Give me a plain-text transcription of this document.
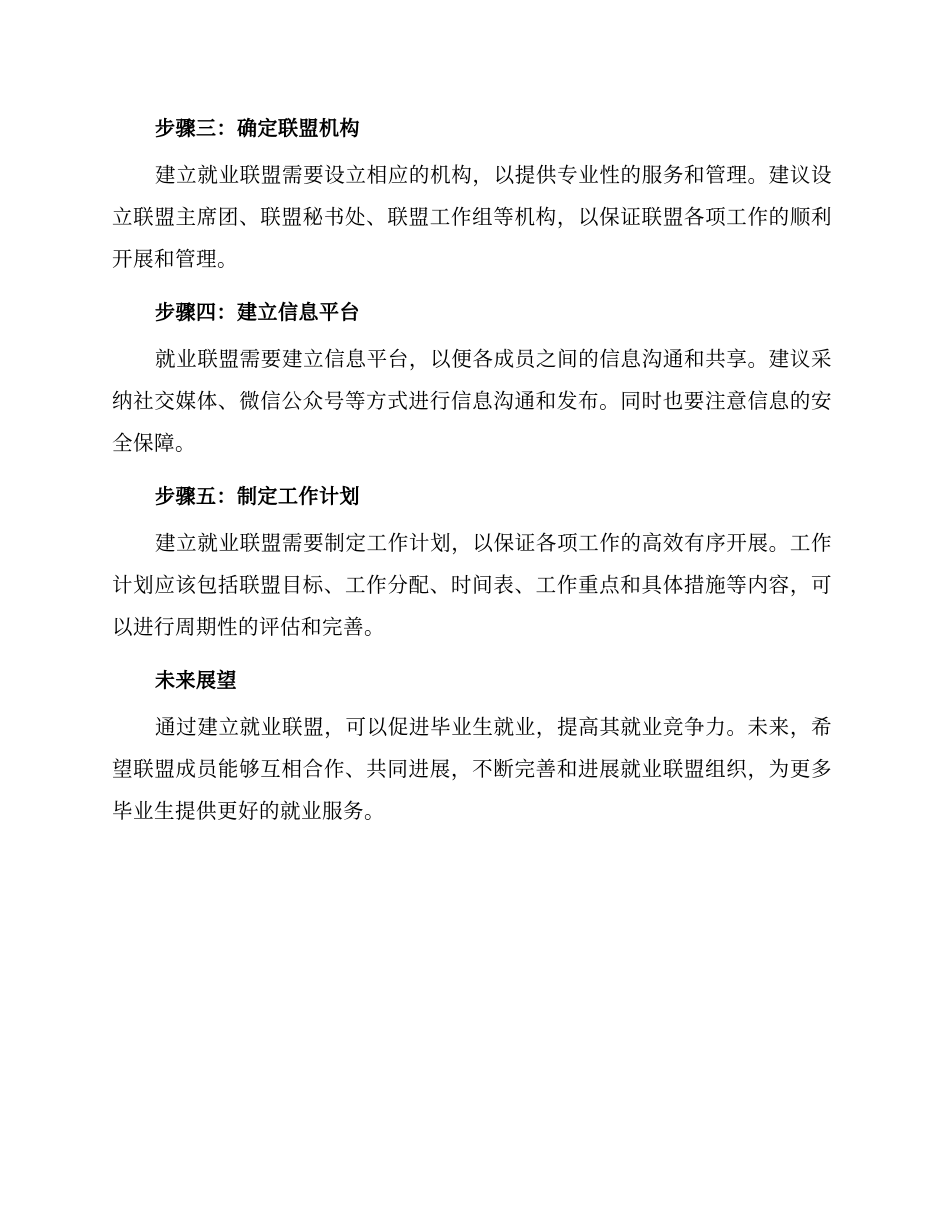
步骤三：确定联盟机构

建立就业联盟需要设立相应的机构，以提供专业性的服务和管理。建议设立联盟主席团、联盟秘书处、联盟工作组等机构，以保证联盟各项工作的顺利开展和管理。

步骤四：建立信息平台

就业联盟需要建立信息平台，以便各成员之间的信息沟通和共享。建议采纳社交媒体、微信公众号等方式进行信息沟通和发布。同时也要注意信息的安全保障。

步骤五：制定工作计划

建立就业联盟需要制定工作计划，以保证各项工作的高效有序开展。工作计划应该包括联盟目标、工作分配、时间表、工作重点和具体措施等内容，可以进行周期性的评估和完善。

未来展望

通过建立就业联盟，可以促进毕业生就业，提高其就业竞争力。未来，希望联盟成员能够互相合作、共同进展，不断完善和进展就业联盟组织，为更多毕业生提供更好的就业服务。
